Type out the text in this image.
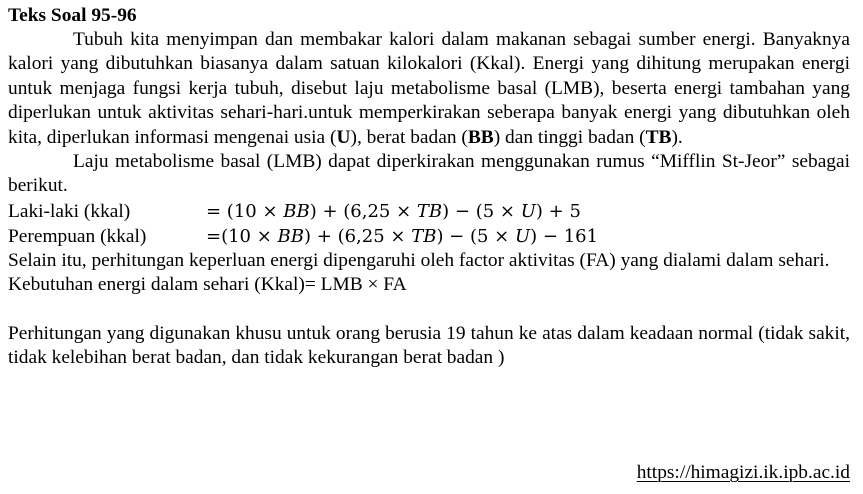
Teks Soal 95-96

Tubuh kita menyimpan dan membakar kalori dalam makanan sebagai sumber energi. Banyaknya kalori yang dibutuhkan biasanya dalam satuan kilokalori (Kkal). Energi yang dihitung merupakan energi untuk menjaga fungsi kerja tubuh, disebut laju metabolisme basal (LMB), beserta energi tambahan yang diperlukan untuk aktivitas sehari-hari.untuk memperkirakan seberapa banyak energi yang dibutuhkan oleh kita, diperlukan informasi mengenai usia (U), berat badan (BB) dan tinggi badan (TB).

Laju metabolisme basal (LMB) dapat diperkirakan menggunakan rumus “Mifflin St-Jeor” sebagai berikut.

Laki-laki (kkal)	= (10 × BB) + (6,25 × TB) − (5 × U) + 5
Perempuan (kkal)	=(10 × BB) + (6,25 × TB) − (5 × U) − 161

Selain itu, perhitungan keperluan energi dipengaruhi oleh factor aktivitas (FA) yang dialami dalam sehari.

Kebutuhan energi dalam sehari (Kkal)= LMB × FA

Perhitungan yang digunakan khusu untuk orang berusia 19 tahun ke atas dalam keadaan normal (tidak sakit, tidak kelebihan berat badan, dan tidak kekurangan berat badan )

https://himagizi.ik.ipb.ac.id
